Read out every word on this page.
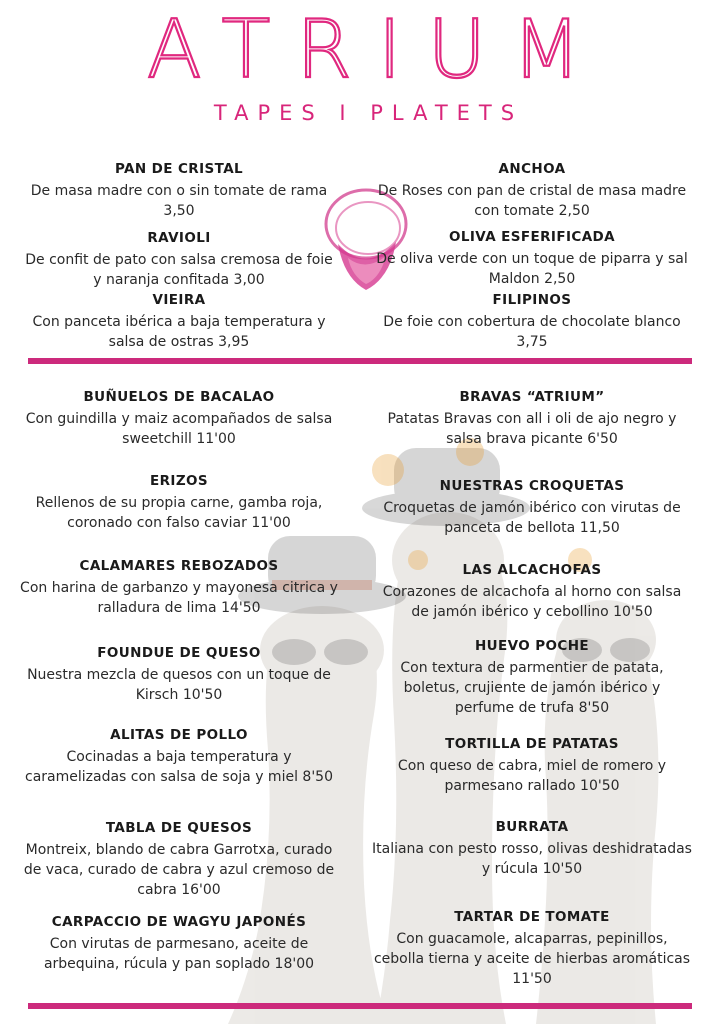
ATRIUM
TAPES I PLATETS
PAN DE CRISTAL
De masa madre con o sin tomate de rama 3,50
RAVIOLI
De confit de pato con salsa cremosa de foie y naranja confitada 3,00
VIEIRA
Con panceta ibérica a baja temperatura y salsa de ostras 3,95
ANCHOA
De Roses con pan de cristal de masa madre con tomate 2,50
OLIVA ESFERIFICADA
De oliva verde con un toque de piparra y sal Maldon 2,50
FILIPINOS
De foie con cobertura de chocolate blanco 3,75
BUÑUELOS DE BACALAO
Con guindilla y maiz acompañados de salsa sweetchill 11'00
ERIZOS
Rellenos de su propia carne, gamba roja, coronado con falso caviar 11'00
CALAMARES REBOZADOS
Con harina de garbanzo y mayonesa citrica y ralladura de lima 14'50
FOUNDUE DE QUESO
Nuestra mezcla de quesos con un toque de Kirsch 10'50
ALITAS DE POLLO
Cocinadas a baja temperatura y caramelizadas con salsa de soja y miel 8'50
TABLA DE QUESOS
Montreix, blando de cabra Garrotxa, curado de vaca, curado de cabra y azul cremoso de cabra 16'00
CARPACCIO DE WAGYU JAPONÉS
Con virutas de parmesano, aceite de arbequina, rúcula y pan soplado 18'00
BRAVAS “ATRIUM”
Patatas Bravas con all i oli de ajo negro y salsa brava picante 6'50
NUESTRAS CROQUETAS
Croquetas de jamón ibérico con virutas de panceta de bellota 11,50
LAS ALCACHOFAS
Corazones de alcachofa al horno con salsa de jamón ibérico y cebollino 10'50
HUEVO POCHE
Con textura de parmentier de patata, boletus, crujiente de jamón ibérico y perfume de trufa 8'50
TORTILLA DE PATATAS
Con queso de cabra, miel de romero y parmesano rallado 10'50
BURRATA
Italiana con pesto rosso, olivas deshidratadas y rúcula 10'50
TARTAR DE TOMATE
Con guacamole, alcaparras, pepinillos, cebolla tierna y aceite de hierbas aromáticas 11'50
